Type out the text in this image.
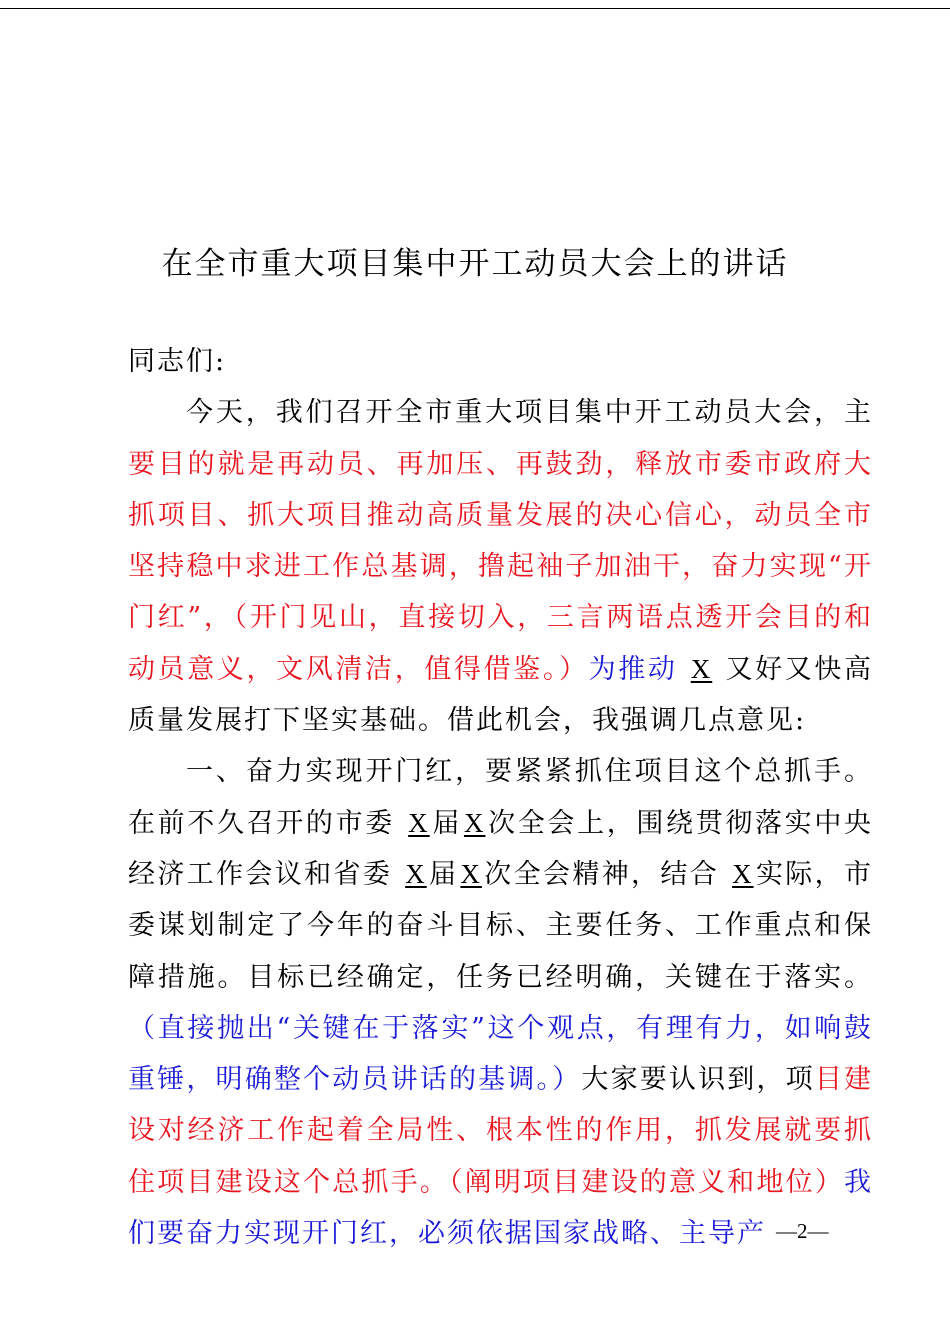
在全市重大项目集中开工动员大会上的讲话

同志们:

今天，我们召开全市重大项目集中开工动员大会，主要目的就是再动员、再加压、再鼓劲，释放市委市政府大抓项目、抓大项目推动高质量发展的决心信心，动员全市坚持稳中求进工作总基调，撸起袖子加油干，奋力实现“开门红”，（开门见山，直接切入，三言两语点透开会目的和动员意义，文风清洁，值得借鉴。）为推动 X 又好又快高质量发展打下坚实基础。借此机会，我强调几点意见:

一、奋力实现开门红，要紧紧抓住项目这个总抓手。在前不久召开的市委 X届X次全会上，围绕贯彻落实中央经济工作会议和省委 X届X次全会精神，结合 X实际，市委谋划制定了今年的奋斗目标、主要任务、工作重点和保障措施。目标已经确定，任务已经明确，关键在于落实。（直接抛出“关键在于落实”这个观点，有理有力，如响鼓重锤，明确整个动员讲话的基调。）大家要认识到，项目建设对经济工作起着全局性、根本性的作用，抓发展就要抓住项目建设这个总抓手。（阐明项目建设的意义和地位）我们要奋力实现开门红，必须依据国家战略、主导产 —2—
